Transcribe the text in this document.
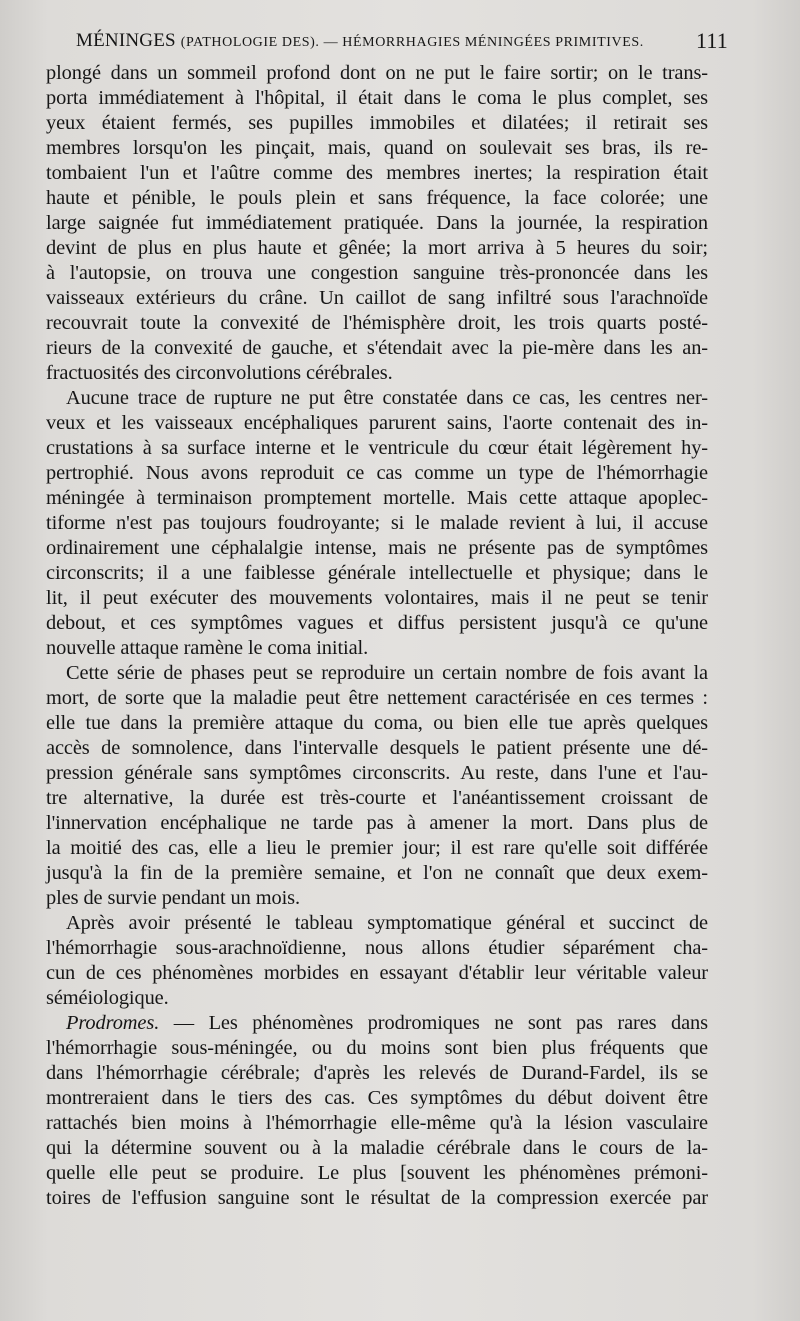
MÉNINGES (PATHOLOGIE DES). — HÉMORRHAGIES MÉNINGÉES PRIMITIVES. 111

plongé dans un sommeil profond dont on ne put le faire sortir; on le trans-
porta immédiatement à l'hôpital, il était dans le coma le plus complet, ses
yeux étaient fermés, ses pupilles immobiles et dilatées; il retirait ses
membres lorsqu'on les pinçait, mais, quand on soulevait ses bras, ils re-
tombaient l'un et l'aûtre comme des membres inertes; la respiration était
haute et pénible, le pouls plein et sans fréquence, la face colorée; une
large saignée fut immédiatement pratiquée. Dans la journée, la respiration
devint de plus en plus haute et gênée; la mort arriva à 5 heures du soir;
à l'autopsie, on trouva une congestion sanguine très-prononcée dans les
vaisseaux extérieurs du crâne. Un caillot de sang infiltré sous l'arachnoïde
recouvrait toute la convexité de l'hémisphère droit, les trois quarts posté-
rieurs de la convexité de gauche, et s'étendait avec la pie-mère dans les an-
fractuosités des circonvolutions cérébrales.

Aucune trace de rupture ne put être constatée dans ce cas, les centres ner-
veux et les vaisseaux encéphaliques parurent sains, l'aorte contenait des in-
crustations à sa surface interne et le ventricule du cœur était légèrement hy-
pertrophié. Nous avons reproduit ce cas comme un type de l'hémorrhagie
méningée à terminaison promptement mortelle. Mais cette attaque apoplec-
tiforme n'est pas toujours foudroyante; si le malade revient à lui, il accuse
ordinairement une céphalalgie intense, mais ne présente pas de symptômes
circonscrits; il a une faiblesse générale intellectuelle et physique; dans le
lit, il peut exécuter des mouvements volontaires, mais il ne peut se tenir
debout, et ces symptômes vagues et diffus persistent jusqu'à ce qu'une
nouvelle attaque ramène le coma initial.

Cette série de phases peut se reproduire un certain nombre de fois avant la
mort, de sorte que la maladie peut être nettement caractérisée en ces termes :
elle tue dans la première attaque du coma, ou bien elle tue après quelques
accès de somnolence, dans l'intervalle desquels le patient présente une dé-
pression générale sans symptômes circonscrits. Au reste, dans l'une et l'au-
tre alternative, la durée est très-courte et l'anéantissement croissant de
l'innervation encéphalique ne tarde pas à amener la mort. Dans plus de
la moitié des cas, elle a lieu le premier jour; il est rare qu'elle soit différée
jusqu'à la fin de la première semaine, et l'on ne connaît que deux exem-
ples de survie pendant un mois.

Après avoir présenté le tableau symptomatique général et succinct de
l'hémorrhagie sous-arachnoïdienne, nous allons étudier séparément cha-
cun de ces phénomènes morbides en essayant d'établir leur véritable valeur
séméiologique.

Prodromes. — Les phénomènes prodromiques ne sont pas rares dans
l'hémorrhagie sous-méningée, ou du moins sont bien plus fréquents que
dans l'hémorrhagie cérébrale; d'après les relevés de Durand-Fardel, ils se
montreraient dans le tiers des cas. Ces symptômes du début doivent être
rattachés bien moins à l'hémorrhagie elle-même qu'à la lésion vasculaire
qui la détermine souvent ou à la maladie cérébrale dans le cours de la-
quelle elle peut se produire. Le plus [souvent les phénomènes prémoni-
toires de l'effusion sanguine sont le résultat de la compression exercée par
